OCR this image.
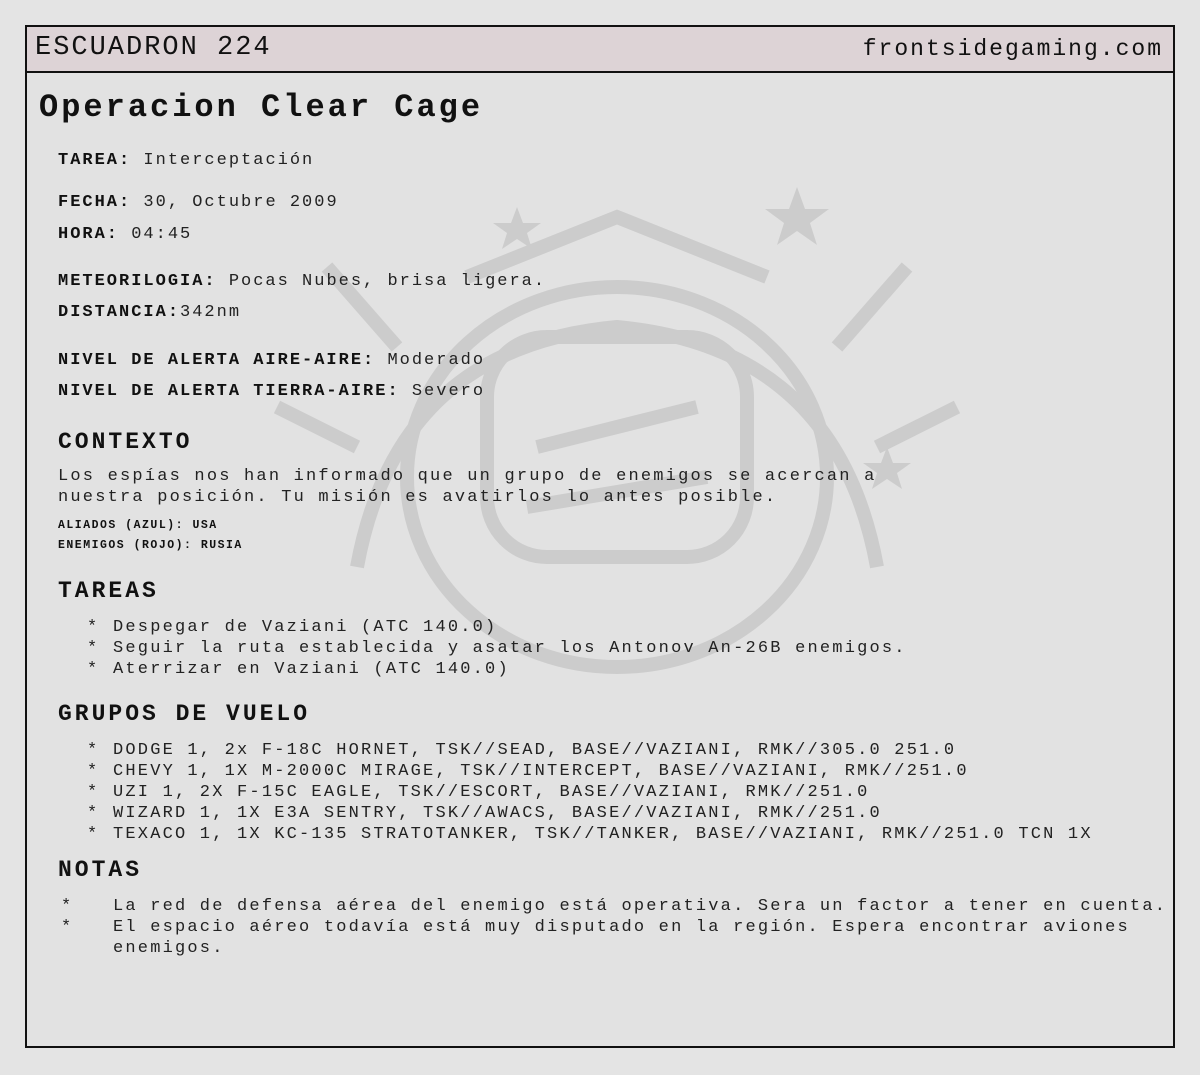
ESCUADRON 224	frontsidegaming.com
Operacion Clear Cage
TAREA: Interceptación
FECHA: 30, Octubre 2009
HORA: 04:45
METEORILOGIA: Pocas Nubes, brisa ligera.
DISTANCIA:342nm
NIVEL DE ALERTA AIRE-AIRE: Moderado
NIVEL DE ALERTA TIERRA-AIRE: Severo
CONTEXTO
Los espías nos han informado que un grupo de enemigos se acercan a
nuestra posición. Tu misión es avatirlos lo antes posible.
ALIADOS (AZUL): USA
ENEMIGOS (ROJO): RUSIA
TAREAS
* Despegar de Vaziani (ATC 140.0)
* Seguir la ruta establecida y asatar los Antonov An-26B enemigos.
* Aterrizar en Vaziani (ATC 140.0)
GRUPOS DE VUELO
* DODGE 1, 2x F-18C HORNET, TSK//SEAD, BASE//VAZIANI, RMK//305.0 251.0
* CHEVY 1, 1X M-2000C MIRAGE, TSK//INTERCEPT, BASE//VAZIANI, RMK//251.0
* UZI 1, 2X F-15C EAGLE, TSK//ESCORT, BASE//VAZIANI, RMK//251.0
* WIZARD 1, 1X E3A SENTRY, TSK//AWACS, BASE//VAZIANI, RMK//251.0
* TEXACO 1, 1X KC-135 STRATOTANKER, TSK//TANKER, BASE//VAZIANI, RMK//251.0 TCN 1X
NOTAS
* La red de defensa aérea del enemigo está operativa. Sera un factor a tener en cuenta.
* El espacio aéreo todavía está muy disputado en la región. Espera encontrar aviones enemigos.
